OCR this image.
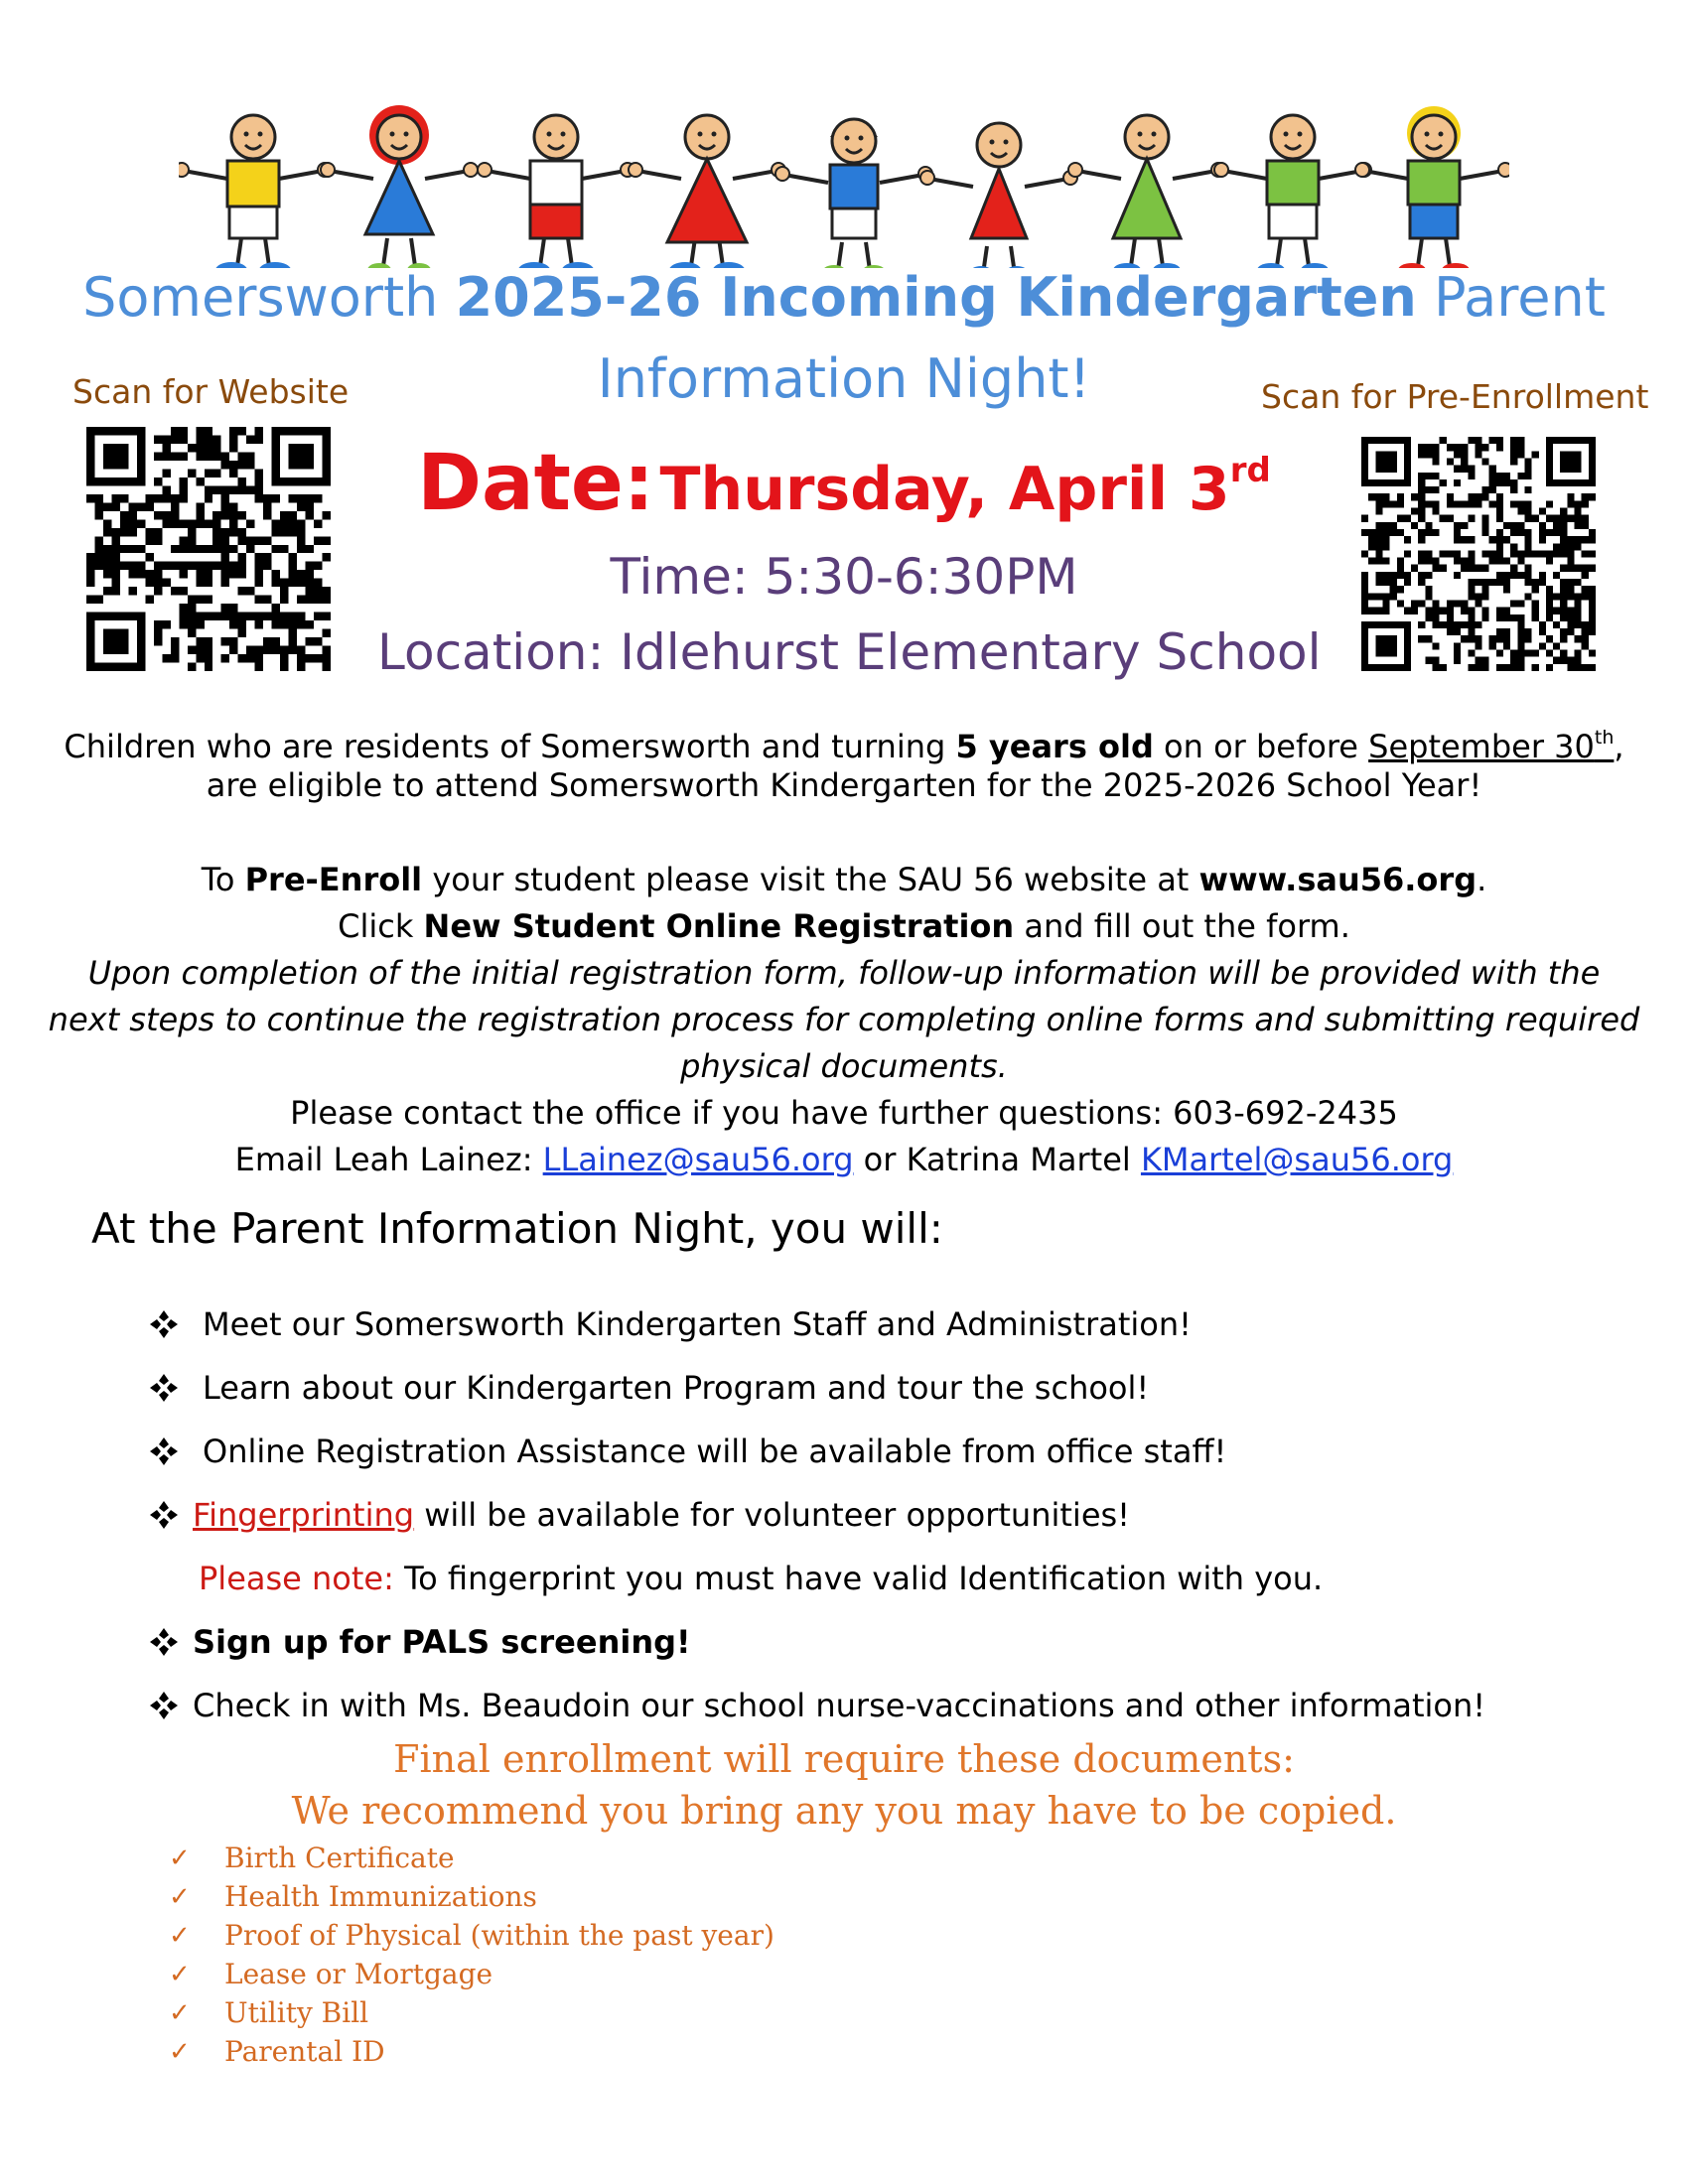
Somersworth 2025-26 Incoming Kindergarten Parent
Information Night!
Scan for Website	Scan for Pre-Enrollment
Date: Thursday, April 3rd
Time: 5:30-6:30PM
Location: Idlehurst Elementary School
Children who are residents of Somersworth and turning 5 years old on or before September 30th,
are eligible to attend Somersworth Kindergarten for the 2025-2026 School Year!
To Pre-Enroll your student please visit the SAU 56 website at www.sau56.org.
Click New Student Online Registration and fill out the form.
Upon completion of the initial registration form, follow-up information will be provided with the
next steps to continue the registration process for completing online forms and submitting required
physical documents.
Please contact the office if you have further questions: 603-692-2435
Email Leah Lainez: LLainez@sau56.org or Katrina Martel KMartel@sau56.org
At the Parent Information Night, you will:
Meet our Somersworth Kindergarten Staff and Administration!
Learn about our Kindergarten Program and tour the school!
Online Registration Assistance will be available from office staff!
Fingerprinting will be available for volunteer opportunities!
Please note: To fingerprint you must have valid Identification with you.
Sign up for PALS screening!
Check in with Ms. Beaudoin our school nurse-vaccinations and other information!
Final enrollment will require these documents:
We recommend you bring any you may have to be copied.
✓ Birth Certificate
✓ Health Immunizations
✓ Proof of Physical (within the past year)
✓ Lease or Mortgage
✓ Utility Bill
✓ Parental ID
